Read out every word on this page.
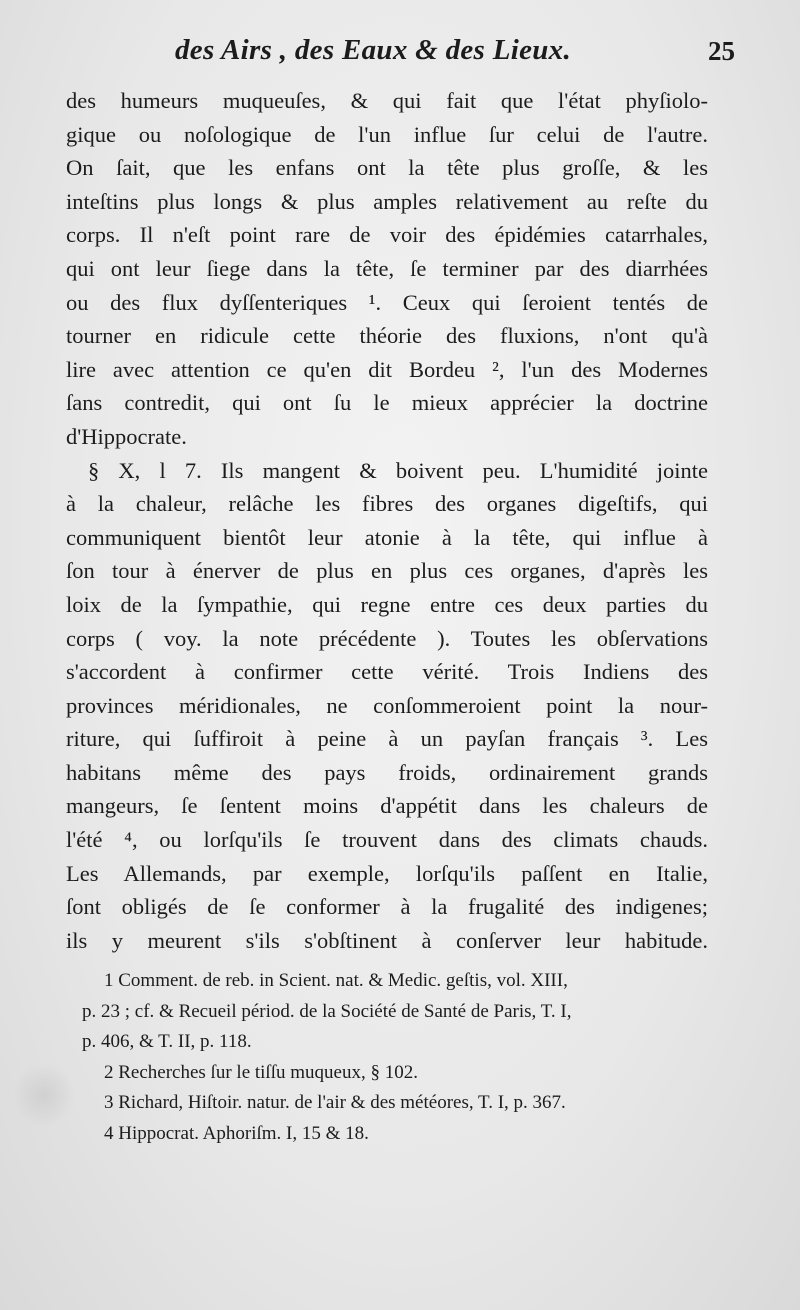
des Airs , des Eaux & des Lieux.	25
des humeurs muqueuſes, & qui fait que l'état phyſiolo-
gique ou noſologique de l'un influe ſur celui de l'autre.
On ſait, que les enfans ont la tête plus groſſe, & les
inteſtins plus longs & plus amples relativement au reſte du
corps. Il n'eſt point rare de voir des épidémies catarrhales,
qui ont leur ſiege dans la tête, ſe terminer par des diarrhées
ou des flux dyſſenteriques ¹. Ceux qui ſeroient tentés de
tourner en ridicule cette théorie des fluxions, n'ont qu'à
lire avec attention ce qu'en dit Bordeu ², l'un des Modernes
ſans contredit, qui ont ſu le mieux apprécier la doctrine
d'Hippocrate.
§ X, l 7. Ils mangent & boivent peu. L'humidité jointe
à la chaleur, relâche les fibres des organes digeſtifs, qui
communiquent bientôt leur atonie à la tête, qui influe à
ſon tour à énerver de plus en plus ces organes, d'après les
loix de la ſympathie, qui regne entre ces deux parties du
corps ( voy. la note précédente ). Toutes les obſervations
s'accordent à confirmer cette vérité. Trois Indiens des
provinces méridionales, ne conſommeroient point la nour-
riture, qui ſuffiroit à peine à un payſan français ³. Les
habitans même des pays froids, ordinairement grands
mangeurs, ſe ſentent moins d'appétit dans les chaleurs de
l'été ⁴, ou lorſqu'ils ſe trouvent dans des climats chauds.
Les Allemands, par exemple, lorſqu'ils paſſent en Italie,
ſont obligés de ſe conformer à la frugalité des indigenes;
ils y meurent s'ils s'obſtinent à conſerver leur habitude.
1 Comment. de reb. in Scient. nat. & Medic. geſtis, vol. XIII,
p. 23 ; cf. & Recueil périod. de la Société de Santé de Paris, T. I,
p. 406, & T. II, p. 118.
2 Recherches ſur le tiſſu muqueux, § 102.
3 Richard, Hiſtoir. natur. de l'air & des météores, T. I, p. 367.
4 Hippocrat. Aphoriſm. I, 15 & 18.
